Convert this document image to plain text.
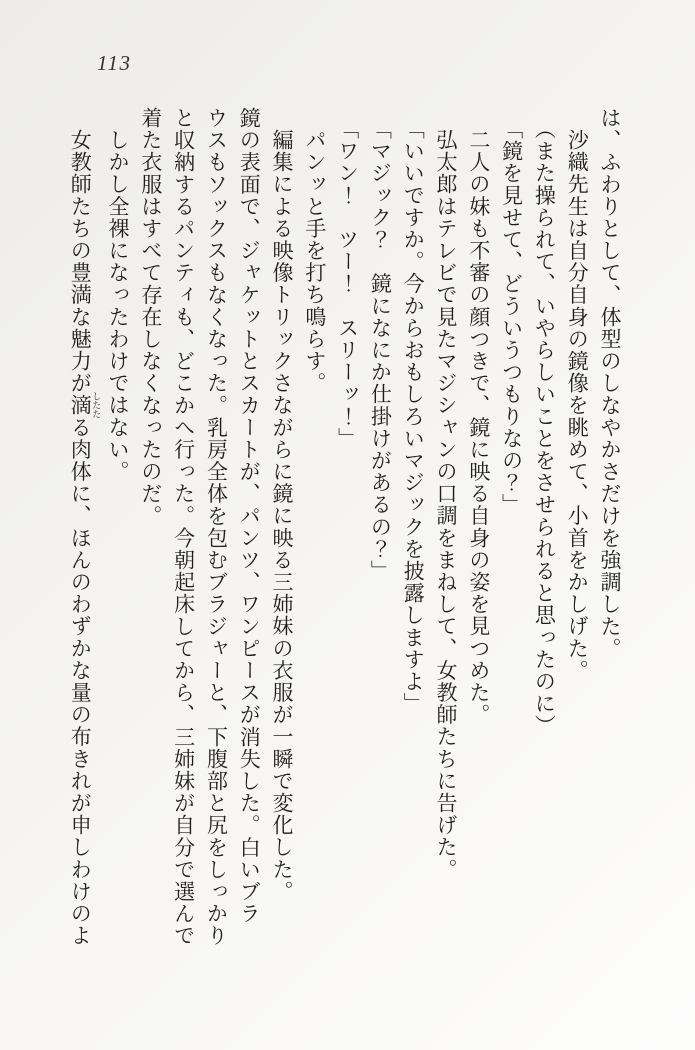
113

は、ふわりとして、体型のしなやかさだけを強調した。

沙織先生は自分自身の鏡像を眺めて、小首をかしげた。

（また操られて、いやらしいことをさせられると思ったのに）

「鏡を見せて、どういうつもりなの？」

二人の妹も不審の顔つきで、鏡に映る自身の姿を見つめた。

弘太郎はテレビで見たマジシャンの口調をまねして、女教師たちに告げた。

「いいですか。今からおもしろいマジックを披露しますよ」

「マジック？　鏡になにか仕掛けがあるの？」

「ワン！　ツー！　スリーッ！」

パンッと手を打ち鳴らす。

編集による映像トリックさながらに鏡に映る三姉妹の衣服が一瞬で変化した。

鏡の表面で、ジャケットとスカートが、パンツ、ワンピースが消失した。白いブラ

ウスもソックスもなくなった。乳房全体を包むブラジャーと、下腹部と尻をしっかり

と収納するパンティも、どこかへ行った。今朝起床してから、三姉妹が自分で選んで

着た衣服はすべて存在しなくなったのだ。

しかし全裸になったわけではない。

女教師たちの豊満な魅力が滴 したたる肉体に、ほんのわずかな量の布きれが申しわけのよ
